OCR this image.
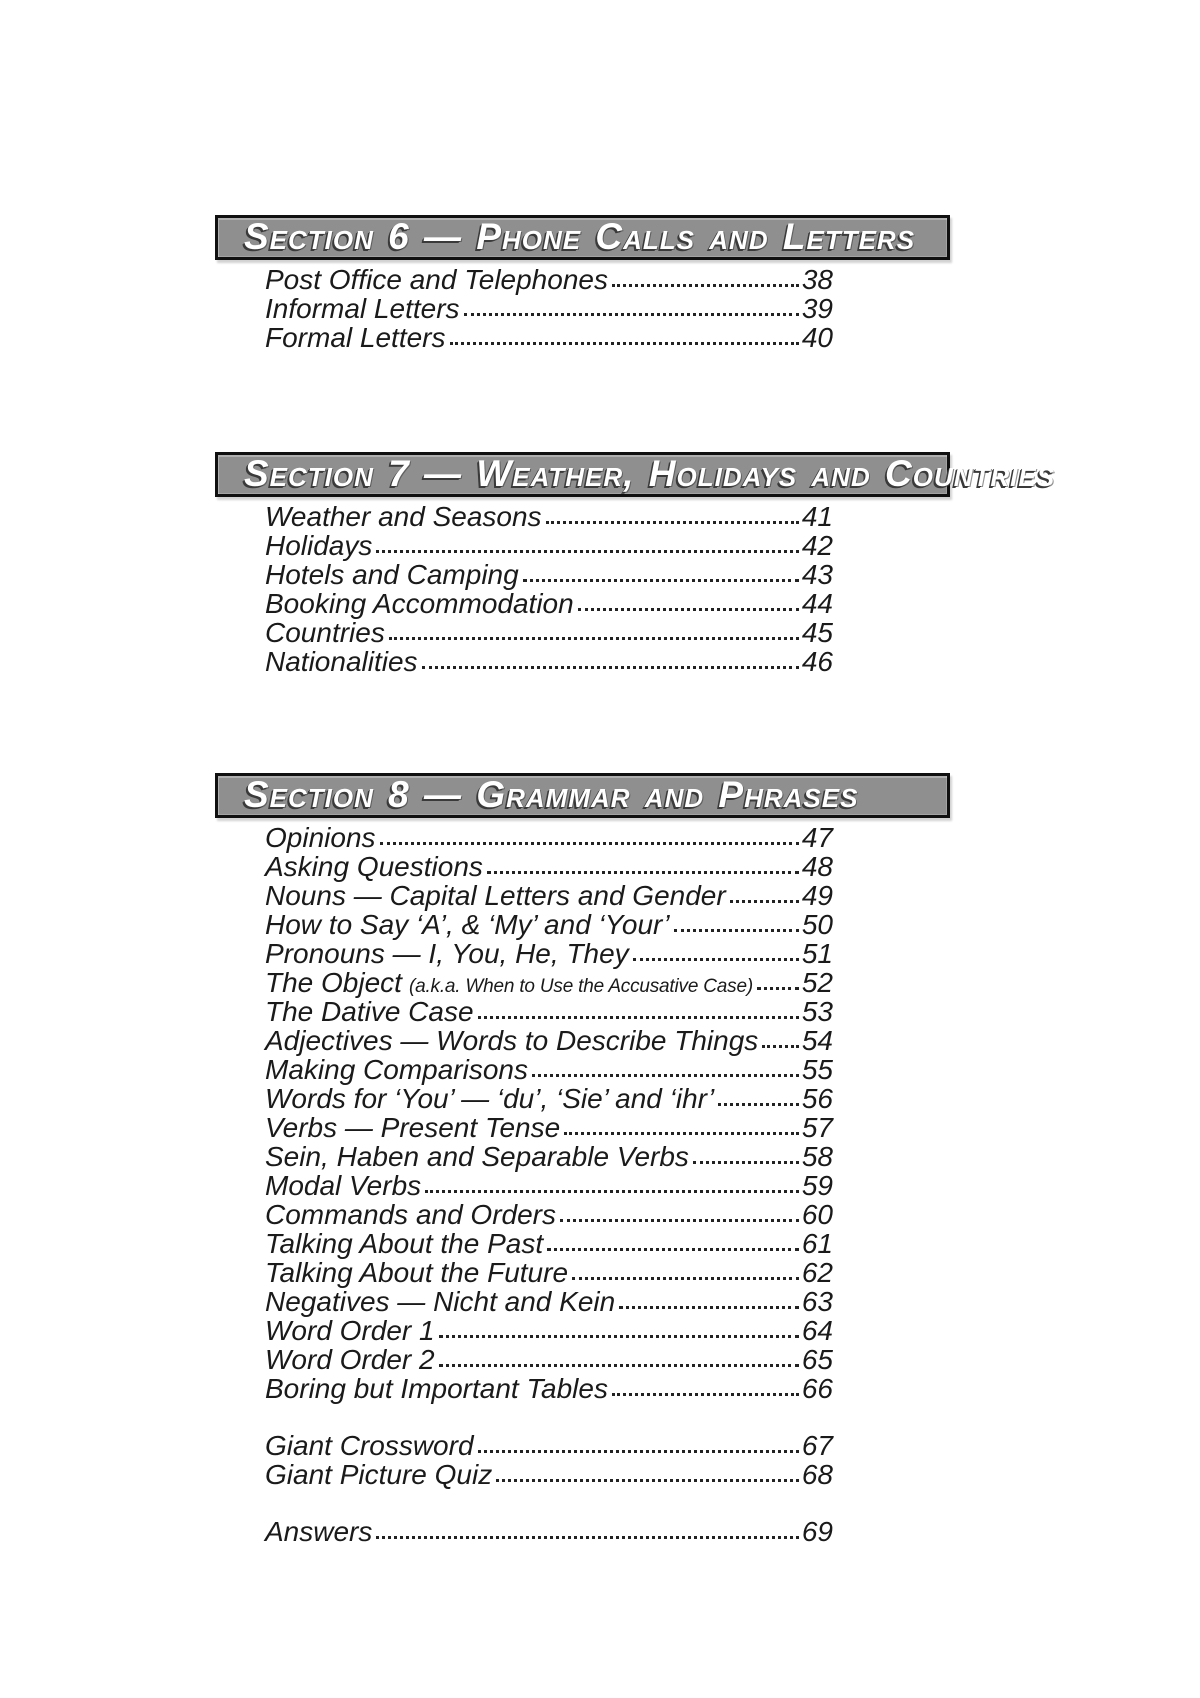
Section 6 — Phone Calls and Letters
Post Office and Telephones	38
Informal Letters	39
Formal Letters	40
Section 7 — Weather, Holidays and Countries
Weather and Seasons	41
Holidays	42
Hotels and Camping	43
Booking Accommodation	44
Countries	45
Nationalities	46
Section 8 — Grammar and Phrases
Opinions	47
Asking Questions	48
Nouns — Capital Letters and Gender	49
How to Say ‘A’, & ‘My’ and ‘Your’	50
Pronouns — I, You, He, They	51
The Object (a.k.a. When to Use the Accusative Case) 52
The Dative Case	53
Adjectives — Words to Describe Things 54
Making Comparisons	55
Words for ‘You’ — ‘du’, ‘Sie’ and ‘ihr’	56
Verbs — Present Tense	57
Sein, Haben and Separable Verbs	58
Modal Verbs	59
Commands and Orders	60
Talking About the Past	61
Talking About the Future	62
Negatives — Nicht and Kein	63
Word Order 1	64
Word Order 2	65
Boring but Important Tables	66
Giant Crossword	67
Giant Picture Quiz	68
Answers	69
